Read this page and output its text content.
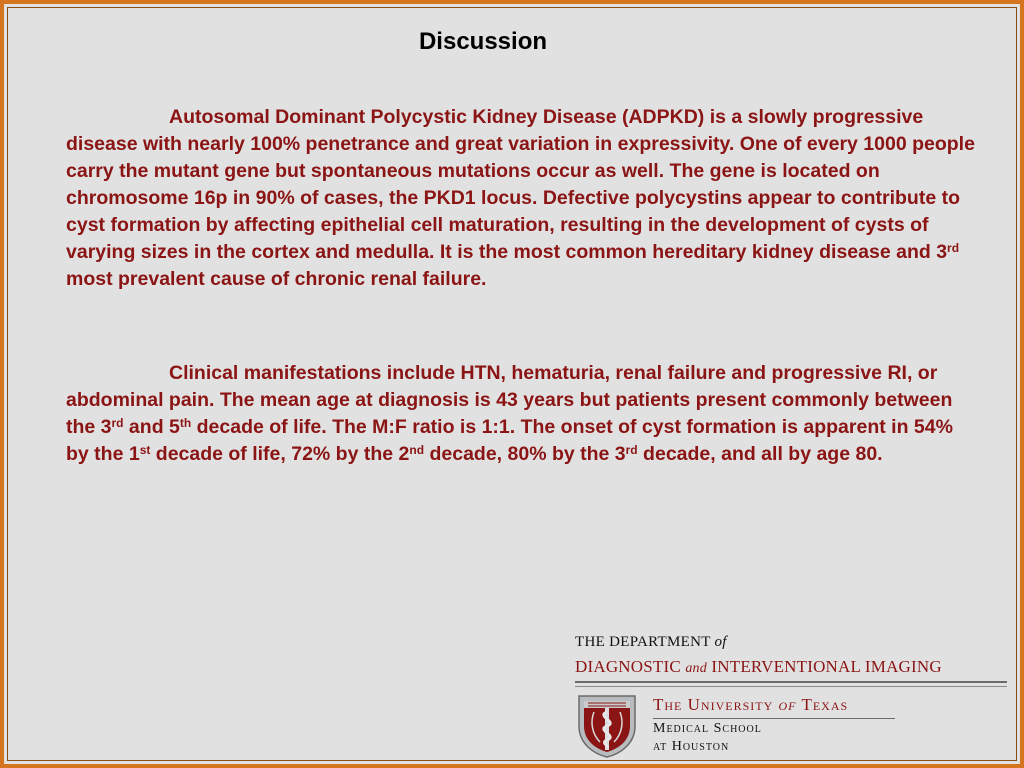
Discussion

Autosomal Dominant Polycystic Kidney Disease (ADPKD) is a slowly progressive disease with nearly 100% penetrance and great variation in expressivity. One of every 1000 people carry the mutant gene but spontaneous mutations occur as well. The gene is located on chromosome 16p in 90% of cases, the PKD1 locus. Defective polycystins appear to contribute to cyst formation by affecting epithelial cell maturation, resulting in the development of cysts of varying sizes in the cortex and medulla. It is the most common hereditary kidney disease and 3rd most prevalent cause of chronic renal failure.

Clinical manifestations include HTN, hematuria, renal failure and progressive RI, or abdominal pain. The mean age at diagnosis is 43 years but patients present commonly between the 3rd and 5th decade of life. The M:F ratio is 1:1. The onset of cyst formation is apparent in 54% by the 1st decade of life, 72% by the 2nd decade, 80% by the 3rd decade, and all by age 80.

THE DEPARTMENT of
DIAGNOSTIC and INTERVENTIONAL IMAGING
The University of Texas
Medical School
at Houston
